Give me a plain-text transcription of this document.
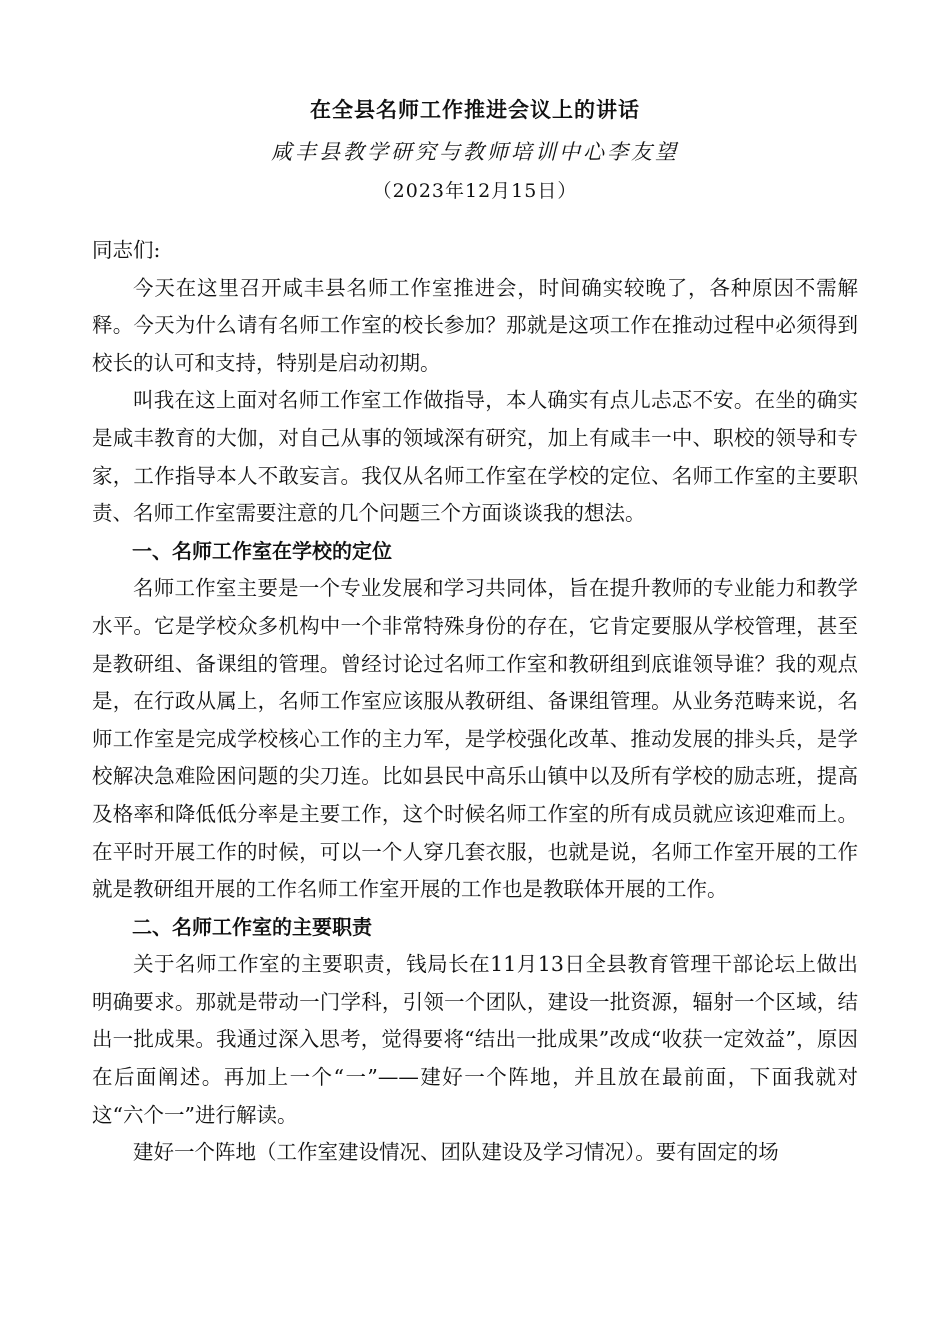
在全县名师工作推进会议上的讲话
咸丰县教学研究与教师培训中心李友望
（2023年12月15日）

同志们:

今天在这里召开咸丰县名师工作室推进会，时间确实较晚了，各种原因不需解释。今天为什么请有名师工作室的校长参加？那就是这项工作在推动过程中必须得到校长的认可和支持，特别是启动初期。

叫我在这上面对名师工作室工作做指导，本人确实有点儿忐忑不安。在坐的确实是咸丰教育的大伽，对自己从事的领域深有研究，加上有咸丰一中、职校的领导和专家，工作指导本人不敢妄言。我仅从名师工作室在学校的定位、名师工作室的主要职责、名师工作室需要注意的几个问题三个方面谈谈我的想法。

一、名师工作室在学校的定位

名师工作室主要是一个专业发展和学习共同体，旨在提升教师的专业能力和教学水平。它是学校众多机构中一个非常特殊身份的存在，它肯定要服从学校管理，甚至是教研组、备课组的管理。曾经讨论过名师工作室和教研组到底谁领导谁？我的观点是，在行政从属上，名师工作室应该服从教研组、备课组管理。从业务范畴来说，名师工作室是完成学校核心工作的主力军，是学校强化改革、推动发展的排头兵，是学校解决急难险困问题的尖刀连。比如县民中高乐山镇中以及所有学校的励志班，提高及格率和降低低分率是主要工作，这个时候名师工作室的所有成员就应该迎难而上。在平时开展工作的时候，可以一个人穿几套衣服，也就是说，名师工作室开展的工作就是教研组开展的工作名师工作室开展的工作也是教联体开展的工作。

二、名师工作室的主要职责

关于名师工作室的主要职责，钱局长在11月13日全县教育管理干部论坛上做出明确要求。那就是带动一门学科，引领一个团队，建设一批资源，辐射一个区域，结出一批成果。我通过深入思考，觉得要将“结出一批成果”改成“收获一定效益”，原因在后面阐述。再加上一个“一”——建好一个阵地，并且放在最前面，下面我就对这“六个一”进行解读。

建好一个阵地（工作室建设情况、团队建设及学习情况）。要有固定的场
